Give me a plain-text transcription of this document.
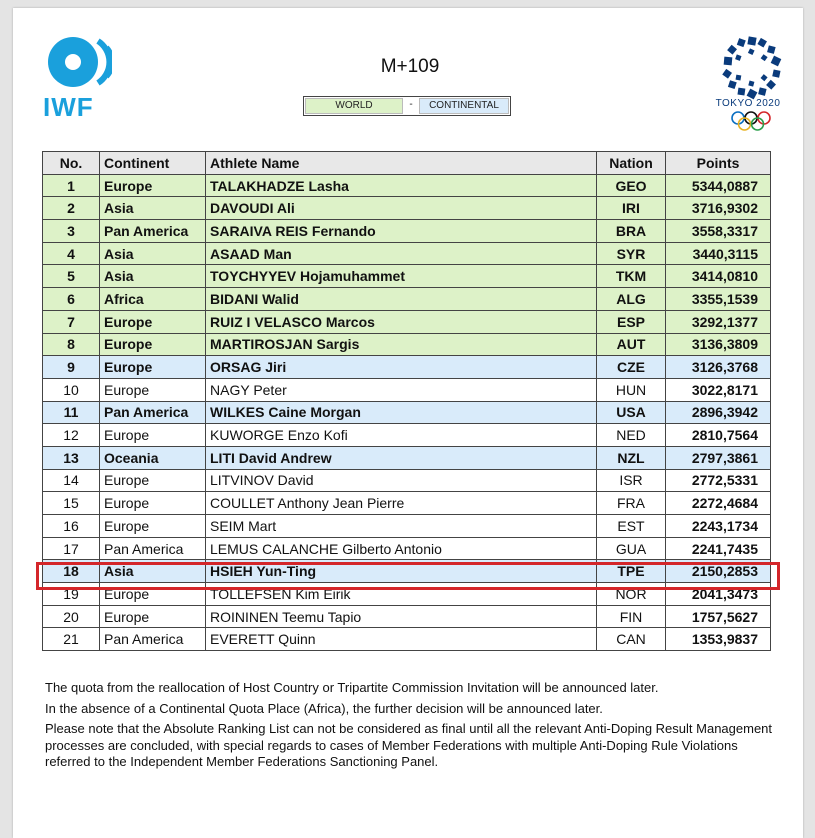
IWF
M+109
WORLD	-	CONTINENTAL	TOKYO 2020
No.	Continent	Athlete Name	Nation	Points
1	Europe	TALAKHADZE Lasha	GEO	5344,0887
2	Asia	DAVOUDI Ali	IRI	3716,9302
3	Pan America	SARAIVA REIS Fernando	BRA	3558,3317
4	Asia	ASAAD Man	SYR	3440,3115
5	Asia	TOYCHYYEV Hojamuhammet	TKM	3414,0810
6	Africa	BIDANI Walid	ALG	3355,1539
7	Europe	RUIZ I VELASCO Marcos	ESP	3292,1377
8	Europe	MARTIROSJAN Sargis	AUT	3136,3809
9	Europe	ORSAG Jiri	CZE	3126,3768
10	Europe	NAGY Peter	HUN	3022,8171
11	Pan America	WILKES Caine Morgan	USA	2896,3942
12	Europe	KUWORGE Enzo Kofi	NED	2810,7564
13	Oceania	LITI David Andrew	NZL	2797,3861
14	Europe	LITVINOV David	ISR	2772,5331
15	Europe	COULLET Anthony Jean Pierre	FRA	2272,4684
16	Europe	SEIM Mart	EST	2243,1734
17	Pan America	LEMUS CALANCHE Gilberto Antonio	GUA	2241,7435
18	Asia	HSIEH Yun-Ting	TPE	2150,2853
19	Europe	TOLLEFSEN Kim Eirik	NOR	2041,3473
20	Europe	ROININEN Teemu Tapio	FIN	1757,5627
21	Pan America	EVERETT Quinn	CAN	1353,9837

The quota from the reallocation of Host Country or Tripartite Commission Invitation will be announced later.

In the absence of a Continental Quota Place (Africa), the further decision will be announced later.

Please note that the Absolute Ranking List can not be considered as final until all the relevant Anti-Doping Result Management processes are concluded, with special regards to cases of Member Federations with multiple Anti-Doping Rule Violations referred to the Independent Member Federations Sanctioning Panel.
